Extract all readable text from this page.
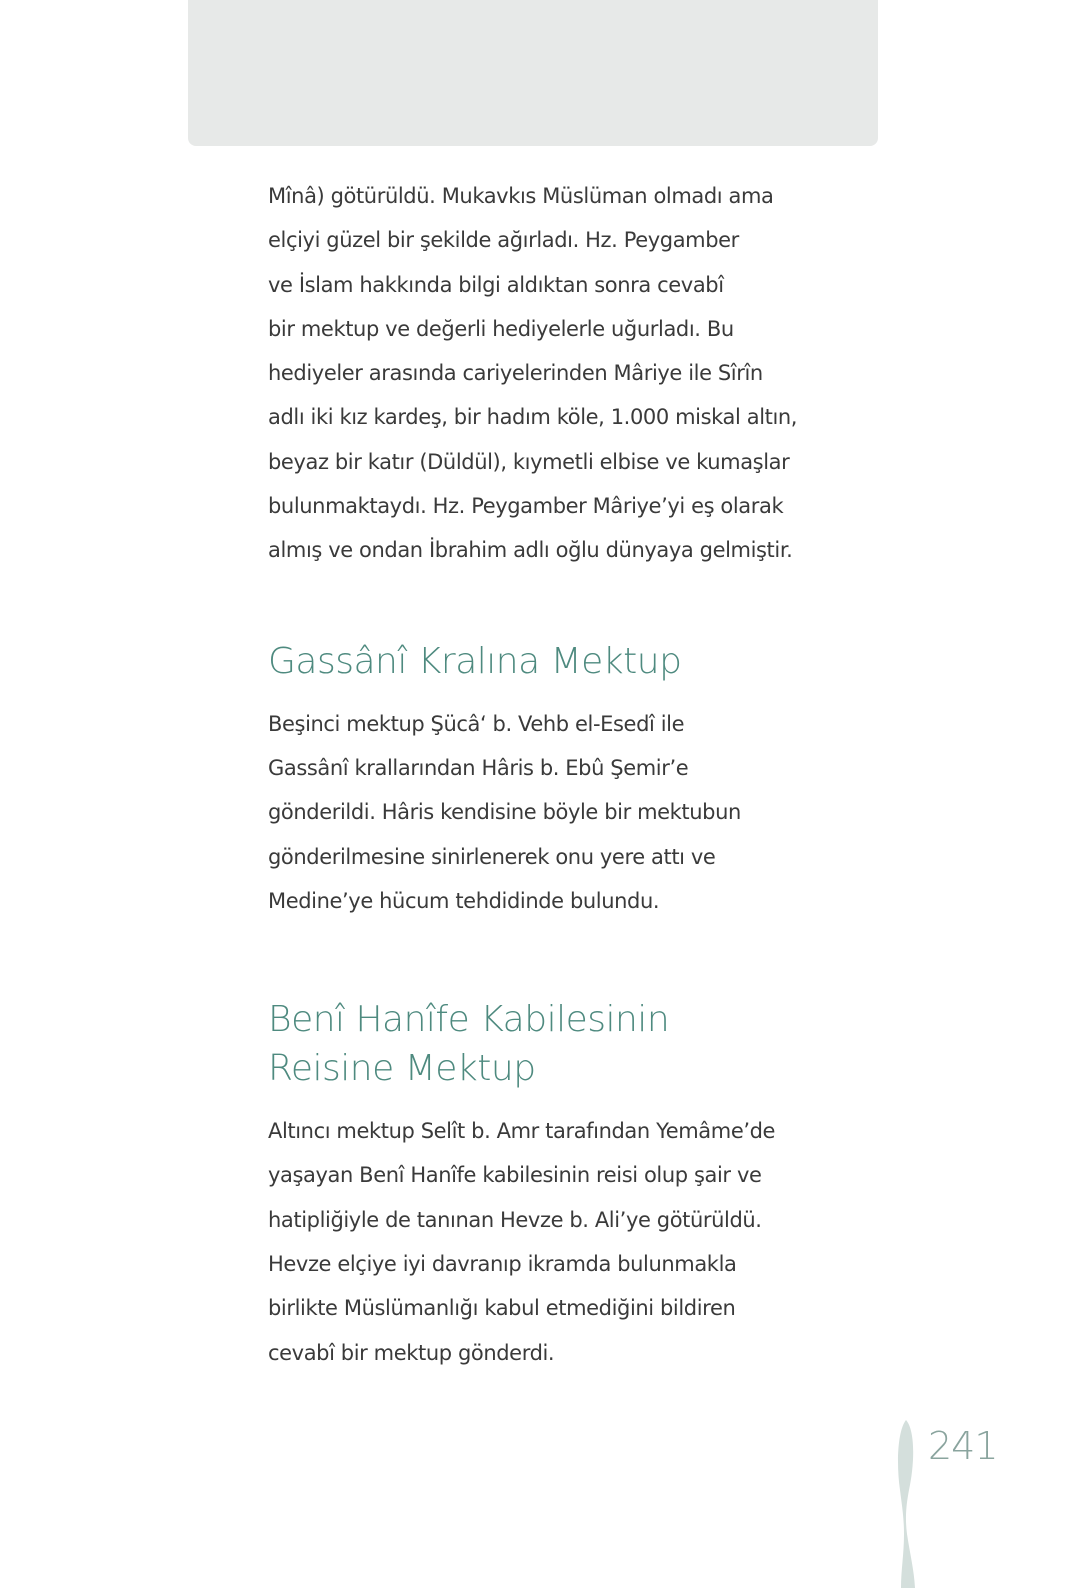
Mînâ) götürüldü. Mukavkıs Müslüman olmadı ama
elçiyi güzel bir şekilde ağırladı. Hz. Peygamber
ve İslam hakkında bilgi aldıktan sonra cevabî
bir mektup ve değerli hediyelerle uğurladı. Bu
hediyeler arasında cariyelerinden Mâriye ile Sîrîn
adlı iki kız kardeş, bir hadım köle, 1.000 miskal altın,
beyaz bir katır (Düldül), kıymetli elbise ve kumaşlar
bulunmaktaydı. Hz. Peygamber Mâriye’yi eş olarak
almış ve ondan İbrahim adlı oğlu dünyaya gelmiştir.

Gassânî Kralına Mektup

Beşinci mektup Şücâʻ b. Vehb el-Esedî ile
Gassânî krallarından Hâris b. Ebû Şemir’e
gönderildi. Hâris kendisine böyle bir mektubun
gönderilmesine sinirlenerek onu yere attı ve
Medine’ye hücum tehdidinde bulundu.

Benî Hanîfe Kabilesinin
Reisine Mektup

Altıncı mektup Selît b. Amr tarafından Yemâme’de
yaşayan Benî Hanîfe kabilesinin reisi olup şair ve
hatipliğiyle de tanınan Hevze b. Ali’ye götürüldü.
Hevze elçiye iyi davranıp ikramda bulunmakla
birlikte Müslümanlığı kabul etmediğini bildiren
cevabî bir mektup gönderdi.

241
